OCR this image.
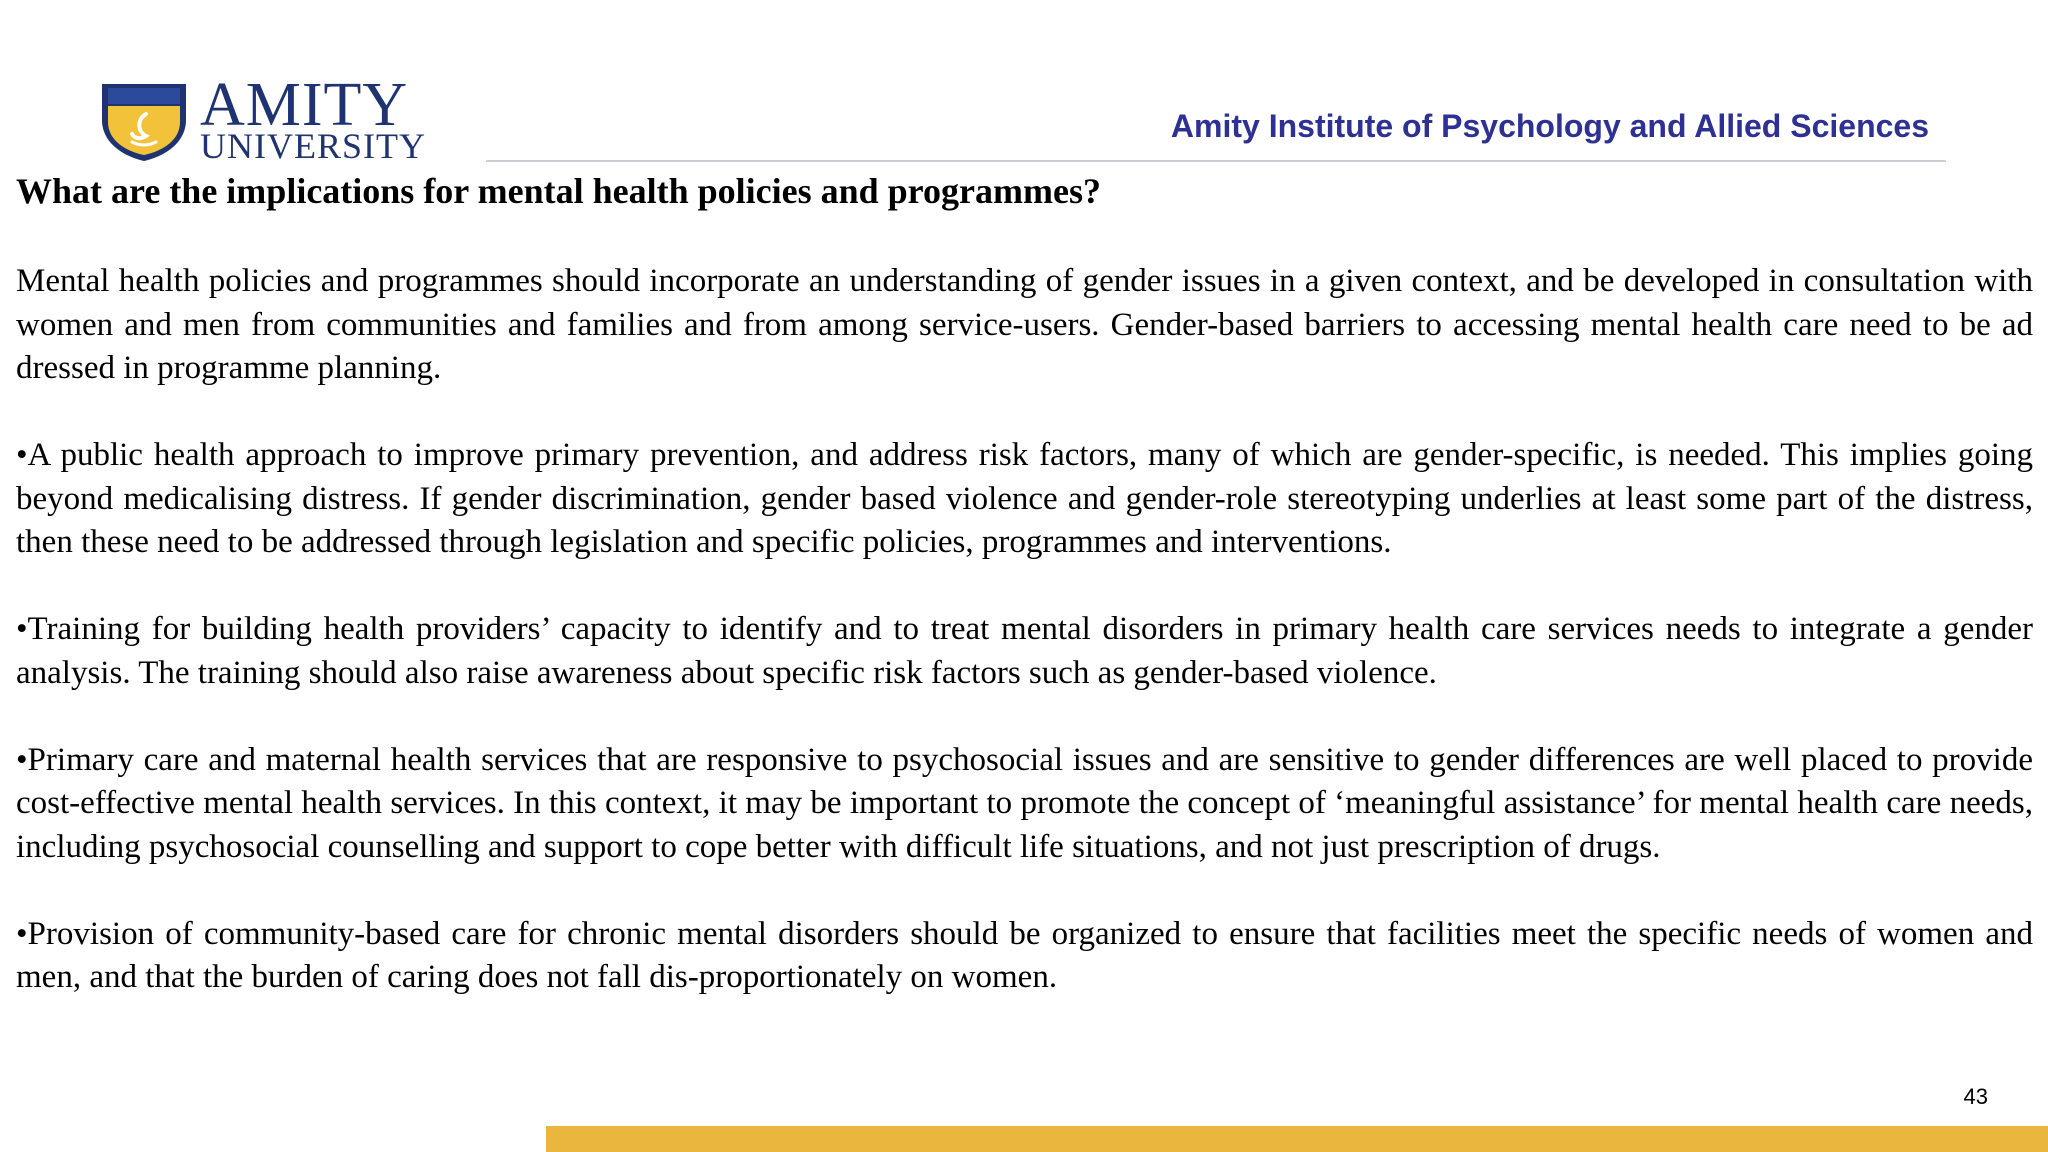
AMITY
UNIVERSITY	Amity Institute of Psychology and Allied Sciences
What are the implications for mental health policies and programmes?

Mental health policies and programmes should incorporate an understanding of gender issues in a given context, and be developed in consultation with women and men from communities and families and from among service-users. Gender-based barriers to accessing mental health care need to be ad dressed in programme planning.

•A public health approach to improve primary prevention, and address risk factors, many of which are gender-specific, is needed. This implies going beyond medicalising distress. If gender discrimination, gender based violence and gender-role stereotyping underlies at least some part of the distress, then these need to be addressed through legislation and specific policies, programmes and interventions.

•Training for building health providers’ capacity to identify and to treat mental disorders in primary health care services needs to integrate a gender analysis. The training should also raise awareness about specific risk factors such as gender-based violence.

•Primary care and maternal health services that are responsive to psychosocial issues and are sensitive to gender differences are well placed to provide cost-effective mental health services. In this context, it may be important to promote the concept of ‘meaningful assistance’ for mental health care needs, including psychosocial counselling and support to cope better with difficult life situations, and not just prescription of drugs.

•Provision of community-based care for chronic mental disorders should be organized to ensure that facilities meet the specific needs of women and men, and that the burden of caring does not fall dis-proportionately on women.

43
